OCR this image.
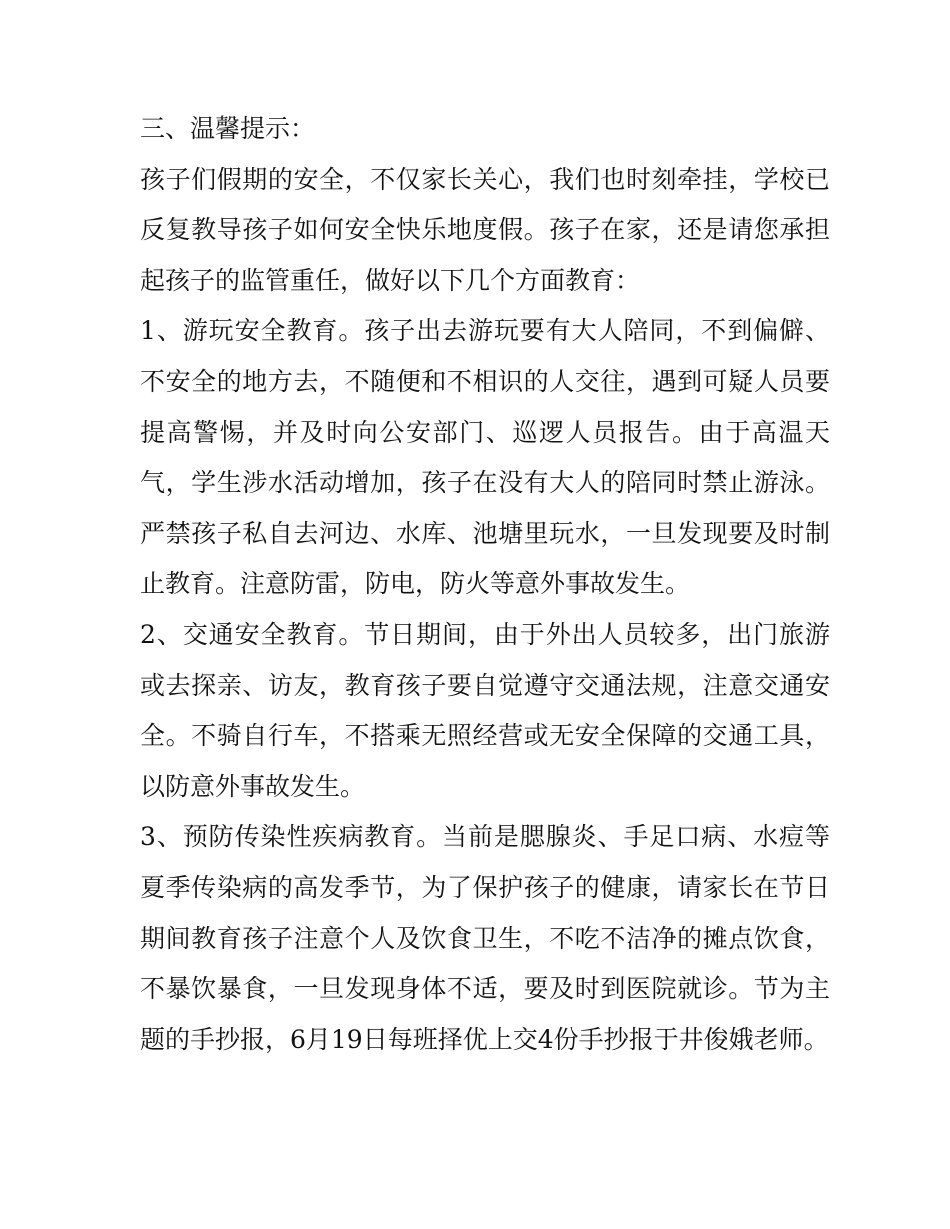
三、温馨提示：

孩子们假期的安全，不仅家长关心，我们也时刻牵挂，学校已反复教导孩子如何安全快乐地度假。孩子在家，还是请您承担起孩子的监管重任，做好以下几个方面教育：

1、游玩安全教育。孩子出去游玩要有大人陪同，不到偏僻、不安全的地方去，不随便和不相识的人交往，遇到可疑人员要提高警惕，并及时向公安部门、巡逻人员报告。由于高温天气，学生涉水活动增加，孩子在没有大人的陪同时禁止游泳。严禁孩子私自去河边、水库、池塘里玩水，一旦发现要及时制止教育。注意防雷，防电，防火等意外事故发生。

2、交通安全教育。节日期间，由于外出人员较多，出门旅游或去探亲、访友，教育孩子要自觉遵守交通法规，注意交通安全。不骑自行车，不搭乘无照经营或无安全保障的交通工具，以防意外事故发生。

3、预防传染性疾病教育。当前是腮腺炎、手足口病、水痘等夏季传染病的高发季节，为了保护孩子的健康，请家长在节日期间教育孩子注意个人及饮食卫生，不吃不洁净的摊点饮食，不暴饮暴食，一旦发现身体不适，要及时到医院就诊。节为主题的手抄报，6月19日每班择优上交4份手抄报于井俊娥老师。
